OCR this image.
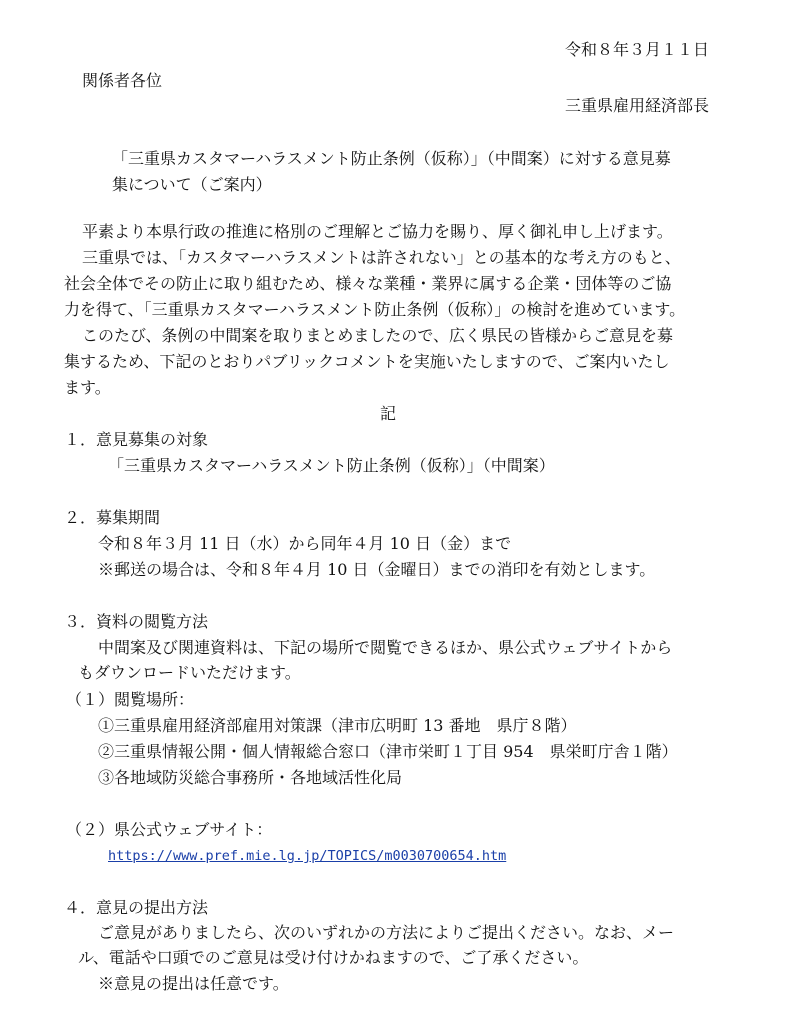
令和８年３月１１日
関係者各位
三重県雇用経済部長
「三重県カスタマーハラスメント防止条例（仮称）」（中間案）に対する意見募
集について（ご案内）
平素より本県行政の推進に格別のご理解とご協力を賜り、厚く御礼申し上げます。
三重県では、「カスタマーハラスメントは許されない」との基本的な考え方のもと、
社会全体でその防止に取り組むため、様々な業種・業界に属する企業・団体等のご協
力を得て、「三重県カスタマーハラスメント防止条例（仮称）」の検討を進めています。
このたび、条例の中間案を取りまとめましたので、広く県民の皆様からご意見を募
集するため、下記のとおりパブリックコメントを実施いたしますので、ご案内いたし
ます。
記
１．意見募集の対象
「三重県カスタマーハラスメント防止条例（仮称）」（中間案）
２．募集期間
令和８年３月 11 日（水）から同年４月 10 日（金）まで
※郵送の場合は、令和８年４月 10 日（金曜日）までの消印を有効とします。
３．資料の閲覧方法
中間案及び関連資料は、下記の場所で閲覧できるほか、県公式ウェブサイトから
もダウンロードいただけます。
（１）閲覧場所：
①三重県雇用経済部雇用対策課（津市広明町 13 番地　県庁８階）
②三重県情報公開・個人情報総合窓口（津市栄町１丁目 954　県栄町庁舎１階）
③各地域防災総合事務所・各地域活性化局
（２）県公式ウェブサイト：
https://www.pref.mie.lg.jp/TOPICS/m0030700654.htm
４．意見の提出方法
ご意見がありましたら、次のいずれかの方法によりご提出ください。なお、メー
ル、電話や口頭でのご意見は受け付けかねますので、ご了承ください。
※意見の提出は任意です。
